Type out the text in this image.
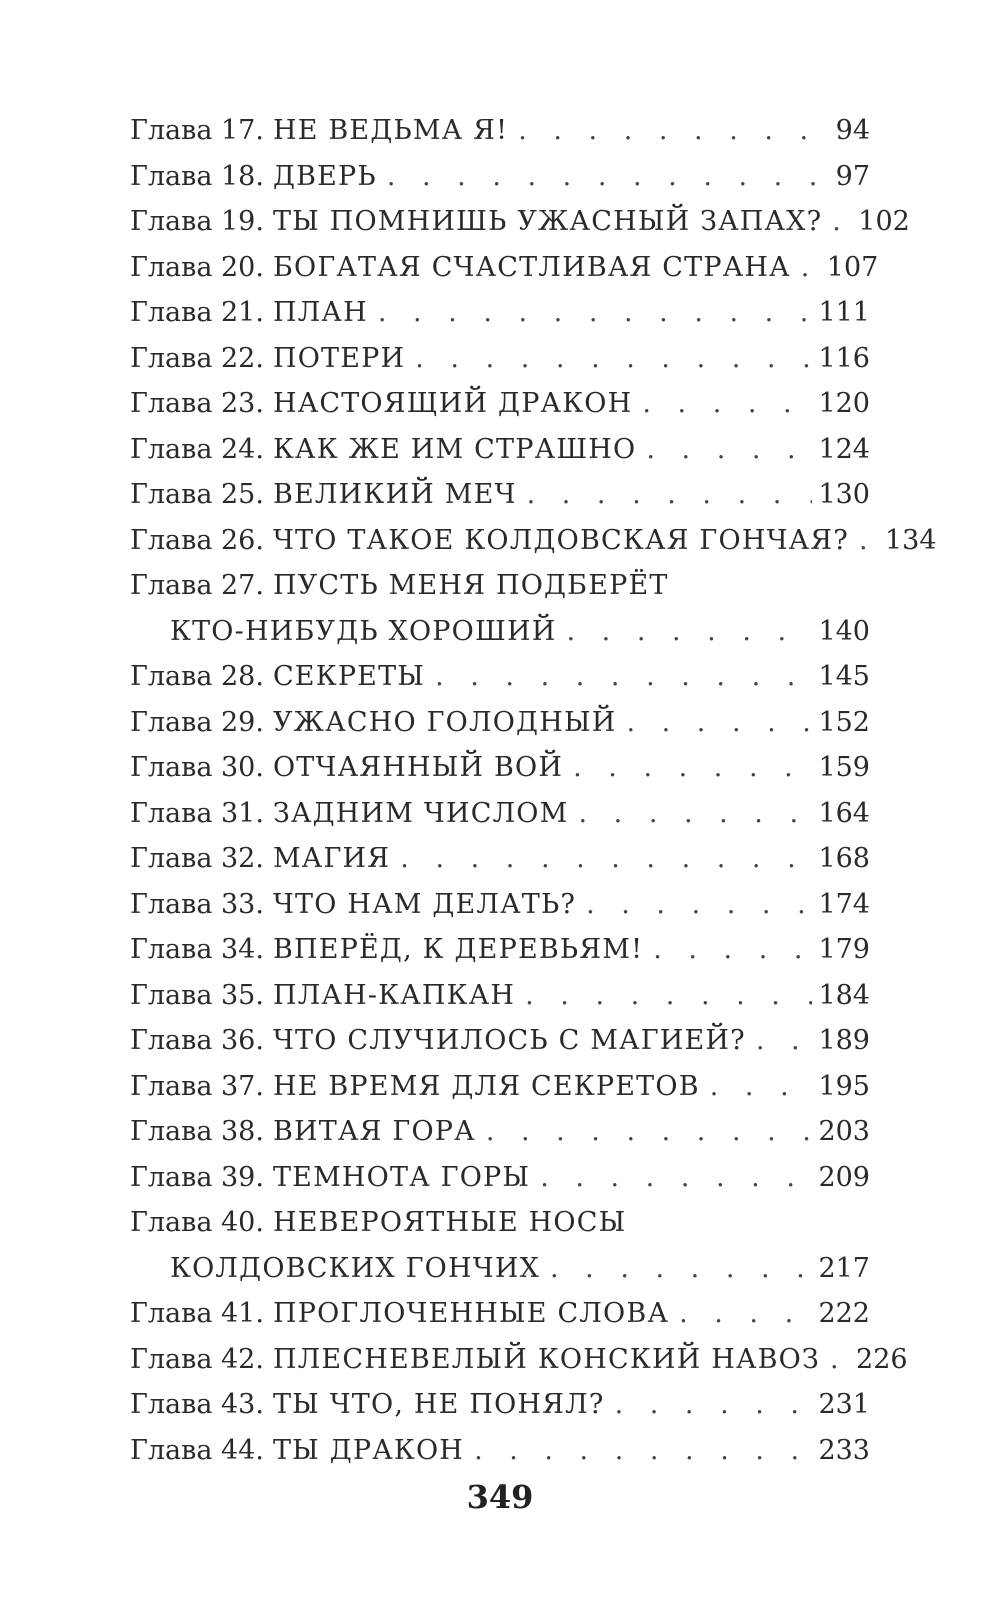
Глава 17. НЕ ВЕДЬМА Я! . . .	94
Глава 18. ДВЕРЬ . . .	97
Глава 19. ТЫ ПОМНИШЬ УЖАСНЫЙ ЗАПАХ? . . . 102
Глава 20. БОГАТАЯ СЧАСТЛИВАЯ СТРАНА . . . 107
Глава 21. ПЛАН . . .	111
Глава 22. ПОТЕРИ . . .	116
Глава 23. НАСТОЯЩИЙ ДРАКОН . . .	120
Глава 24. КАК ЖЕ ИМ СТРАШНО . . .	124
Глава 25. ВЕЛИКИЙ МЕЧ . . .	130
Глава 26. ЧТО ТАКОЕ КОЛДОВСКАЯ ГОНЧАЯ? . . . 134
Глава 27. ПУСТЬ МЕНЯ ПОДБЕРЁТ
КТО-НИБУДЬ ХОРОШИЙ . . .	140
Глава 28. СЕКРЕТЫ . . .	145
Глава 29. УЖАСНО ГОЛОДНЫЙ . . .	152
Глава 30. ОТЧАЯННЫЙ ВОЙ . . .	159
Глава 31. ЗАДНИМ ЧИСЛОМ . . .	164
Глава 32. МАГИЯ . . .	168
Глава 33. ЧТО НАМ ДЕЛАТЬ? . . .	174
Глава 34. ВПЕРЁД, К ДЕРЕВЬЯМ! . . .	179
Глава 35. ПЛАН-КАПКАН . . .	184
Глава 36. ЧТО СЛУЧИЛОСЬ С МАГИЕЙ? . . .	189
Глава 37. НЕ ВРЕМЯ ДЛЯ СЕКРЕТОВ . . .	195
Глава 38. ВИТАЯ ГОРА . . .	203
Глава 39. ТЕМНОТА ГОРЫ . . .	209
Глава 40. НЕВЕРОЯТНЫЕ НОСЫ
КОЛДОВСКИХ ГОНЧИХ . . .	217
Глава 41. ПРОГЛОЧЕННЫЕ СЛОВА . . .	222
Глава 42. ПЛЕСНЕВЕЛЫЙ КОНСКИЙ НАВОЗ . . . 226
Глава 43. ТЫ ЧТО, НЕ ПОНЯЛ? . . .	231
Глава 44. ТЫ ДРАКОН . . .	233
349
